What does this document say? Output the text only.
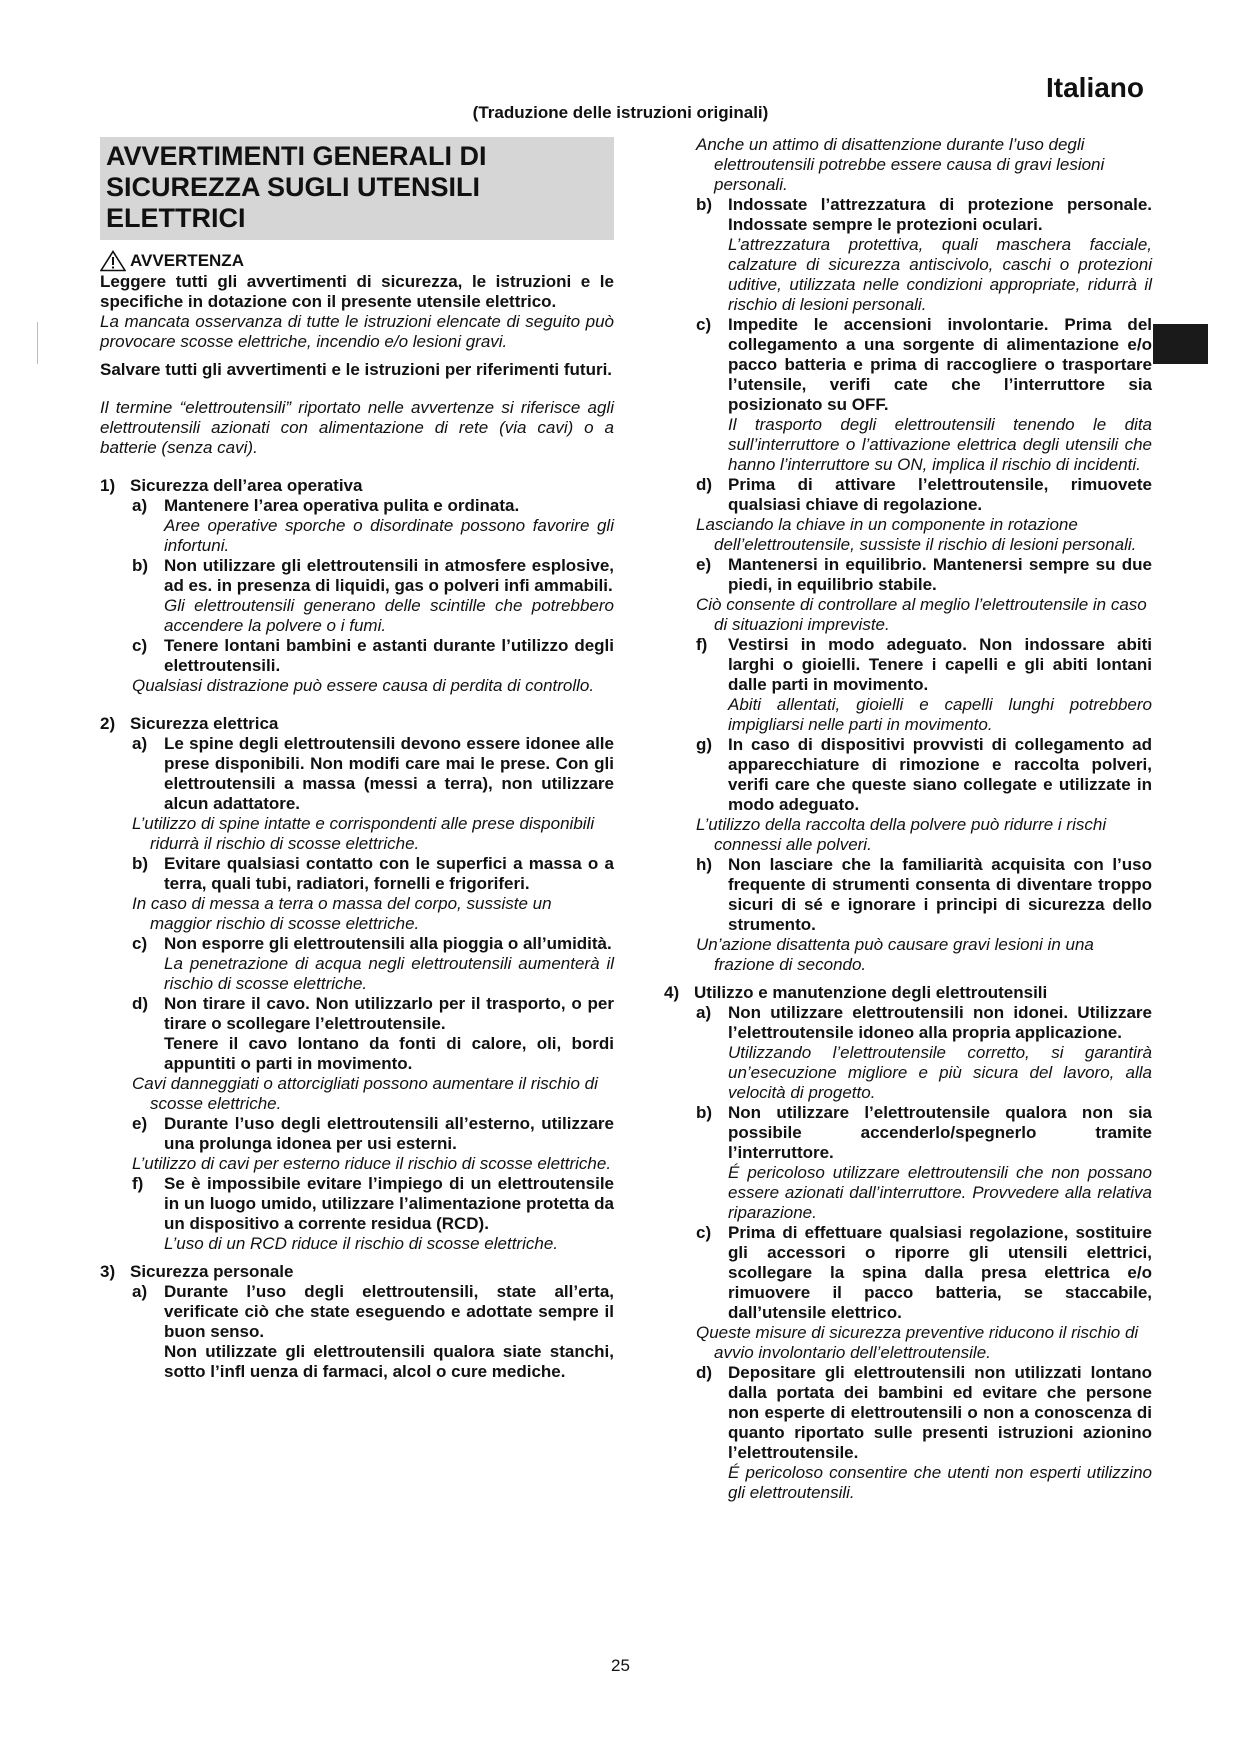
Italiano
(Traduzione delle istruzioni originali)
AVVERTIMENTI GENERALI DI SICUREZZA SUGLI UTENSILI ELETTRICI
AVVERTENZA
Leggere tutti gli avvertimenti di sicurezza, le istruzioni e le specifiche in dotazione con il presente utensile elettrico.
La mancata osservanza di tutte le istruzioni elencate di seguito può provocare scosse elettriche, incendio e/o lesioni gravi.
Salvare tutti gli avvertimenti e le istruzioni per riferimenti futuri.
Il termine “elettroutensili” riportato nelle avvertenze si riferisce agli elettroutensili azionati con alimentazione di rete (via cavi) o a batterie (senza cavi).
1) Sicurezza dell’area operativa
a) Mantenere l’area operativa pulita e ordinata.
Aree operative sporche o disordinate possono favorire gli infortuni.
b) Non utilizzare gli elettroutensili in atmosfere esplosive, ad es. in presenza di liquidi, gas o polveri infi ammabili.
Gli elettroutensili generano delle scintille che potrebbero accendere la polvere o i fumi.
c) Tenere lontani bambini e astanti durante l’utilizzo degli elettroutensili.
Qualsiasi distrazione può essere causa di perdita di controllo.
2) Sicurezza elettrica
a) Le spine degli elettroutensili devono essere idonee alle prese disponibili. Non modifi care mai le prese. Con gli elettroutensili a massa (messi a terra), non utilizzare alcun adattatore.
L’utilizzo di spine intatte e corrispondenti alle prese disponibili ridurrà il rischio di scosse elettriche.
b) Evitare qualsiasi contatto con le superfici a massa o a terra, quali tubi, radiatori, fornelli e frigoriferi.
In caso di messa a terra o massa del corpo, sussiste un maggior rischio di scosse elettriche.
c) Non esporre gli elettroutensili alla pioggia o all’umidità.
La penetrazione di acqua negli elettroutensili aumenterà il rischio di scosse elettriche.
d) Non tirare il cavo. Non utilizzarlo per il trasporto, o per tirare o scollegare l’elettroutensile.
Tenere il cavo lontano da fonti di calore, oli, bordi appuntiti o parti in movimento.
Cavi danneggiati o attorcigliati possono aumentare il rischio di scosse elettriche.
e) Durante l’uso degli elettroutensili all’esterno, utilizzare una prolunga idonea per usi esterni.
L’utilizzo di cavi per esterno riduce il rischio di scosse elettriche.
f)	Se è impossibile evitare l’impiego di un elettroutensile in un luogo umido, utilizzare l’alimentazione protetta da un dispositivo a corrente residua (RCD).
L’uso di un RCD riduce il rischio di scosse elettriche.
3) Sicurezza personale
a) Durante l’uso degli elettroutensili, state all’erta, verificate ciò che state eseguendo e adottate sempre il buon senso.
Non utilizzate gli elettroutensili qualora siate stanchi, sotto l’infl uenza di farmaci, alcol o cure mediche.
Anche un attimo di disattenzione durante l’uso degli elettroutensili potrebbe essere causa di gravi lesioni personali.
b) Indossate l’attrezzatura di protezione personale. Indossate sempre le protezioni oculari.
L’attrezzatura protettiva, quali maschera facciale, calzature di sicurezza antiscivolo, caschi o protezioni uditive, utilizzata nelle condizioni appropriate, ridurrà il rischio di lesioni personali.
c) Impedite le accensioni involontarie. Prima del collegamento a una sorgente di alimentazione e/o pacco batteria e prima di raccogliere o trasportare l’utensile, verifi cate che l’interruttore sia posizionato su OFF.
Il trasporto degli elettroutensili tenendo le dita sull’interruttore o l’attivazione elettrica degli utensili che hanno l’interruttore su ON, implica il rischio di incidenti.
d) Prima di attivare l’elettroutensile, rimuovete qualsiasi chiave di regolazione.
Lasciando la chiave in un componente in rotazione dell’elettroutensile, sussiste il rischio di lesioni personali.
e) Mantenersi in equilibrio. Mantenersi sempre su due piedi, in equilibrio stabile.
Ciò consente di controllare al meglio l’elettroutensile in caso di situazioni impreviste.
f)	Vestirsi in modo adeguato. Non indossare abiti larghi o gioielli. Tenere i capelli e gli abiti lontani dalle parti in movimento.
Abiti allentati, gioielli e capelli lunghi potrebbero impigliarsi nelle parti in movimento.
g) In caso di dispositivi provvisti di collegamento ad apparecchiature di rimozione e raccolta polveri, verifi care che queste siano collegate e utilizzate in modo adeguato.
L’utilizzo della raccolta della polvere può ridurre i rischi connessi alle polveri.
h) Non lasciare che la familiarità acquisita con l’uso frequente di strumenti consenta di diventare troppo sicuri di sé e ignorare i principi di sicurezza dello strumento.
Un’azione disattenta può causare gravi lesioni in una frazione di secondo.
4) Utilizzo e manutenzione degli elettroutensili
a) Non utilizzare elettroutensili non idonei. Utilizzare l’elettroutensile idoneo alla propria applicazione.
Utilizzando l’elettroutensile corretto, si garantirà un’esecuzione migliore e più sicura del lavoro, alla velocità di progetto.
b) Non utilizzare l’elettroutensile qualora non sia possibile accenderlo/spegnerlo tramite l’interruttore.
É pericoloso utilizzare elettroutensili che non possano essere azionati dall’interruttore. Provvedere alla relativa riparazione.
c) Prima di effettuare qualsiasi regolazione, sostituire gli accessori o riporre gli utensili elettrici, scollegare la spina dalla presa elettrica e/o rimuovere il pacco batteria, se staccabile, dall’utensile elettrico.
Queste misure di sicurezza preventive riducono il rischio di avvio involontario dell’elettroutensile.
d) Depositare gli elettroutensili non utilizzati lontano dalla portata dei bambini ed evitare che persone non esperte di elettroutensili o non a conoscenza di quanto riportato sulle presenti istruzioni azionino l’elettroutensile.
É pericoloso consentire che utenti non esperti utilizzino gli elettroutensili.
25
